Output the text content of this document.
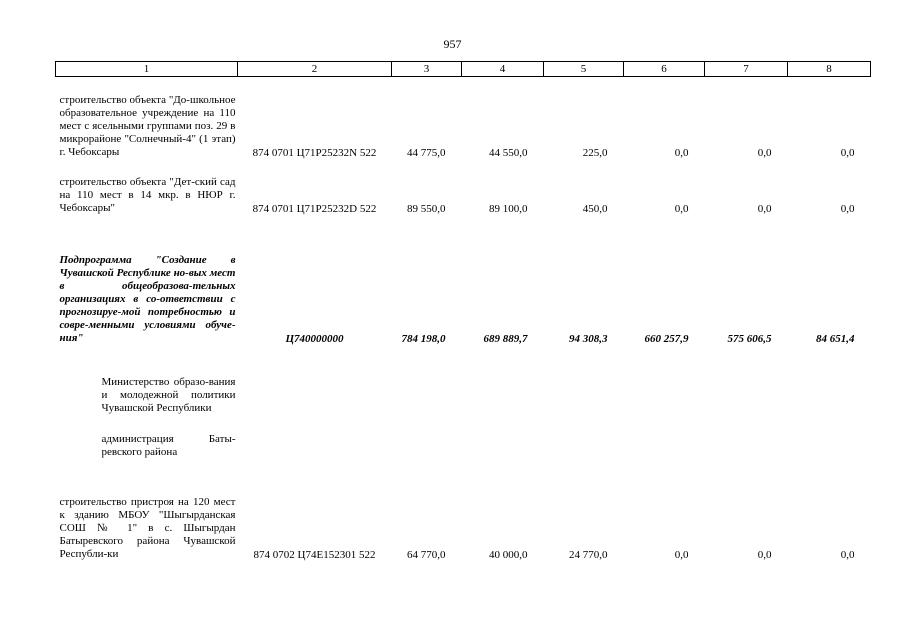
957
1	2	3	4	5	6	7	8
строительство объекта "До-школьное образовательное учреждение на 110 мест с ясельными группами поз. 29 в микрорайоне "Солнечный-4" (1 этап) г. Чебоксары	874 0701 Ц71P25232N 522	44 775,0	44 550,0	225,0	0,0	0,0	0,0
строительство объекта "Дет-ский сад на 110 мест в 14 мкр. в НЮР г. Чебоксары"	874 0701 Ц71P25232D 522	89 550,0	89 100,0	450,0	0,0	0,0	0,0
Подпрограмма "Создание в Чувашской Республике но-вых мест в общеобразова-тельных организациях в со-ответствии с прогнозируе-мой потребностью и совре-менными условиями обуче-ния"	Ц740000000	784 198,0	689 889,7	94 308,3	660 257,9	575 606,5	84 651,4
Министерство образо-вания и молодежной политики Чувашской Республики							
администрация Баты-ревского района							
строительство пристроя на 120 мест к зданию МБОУ "Шыгырданская СОШ № 1" в с. Шыгырдан Батыревского района Чувашской Республи-ки	874 0702 Ц74E152301 522	64 770,0	40 000,0	24 770,0	0,0	0,0	0,0
